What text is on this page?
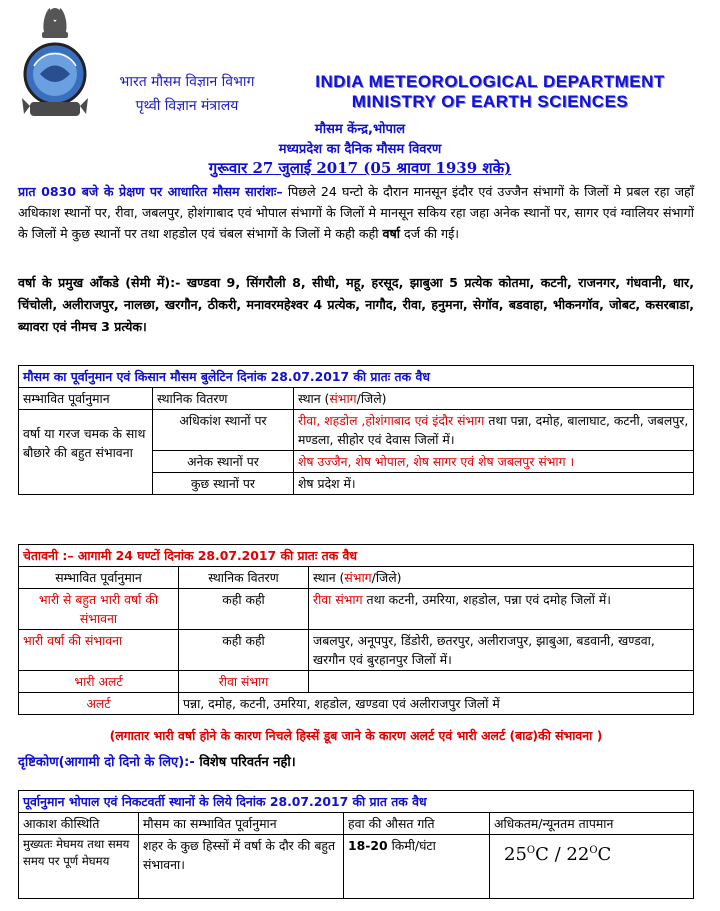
भारत मौसम विज्ञान विभाग
पृथ्वी विज्ञान मंत्रालय
INDIA METEOROLOGICAL DEPARTMENT
MINISTRY OF EARTH SCIENCES
मौसम केंन्द्र,भोपाल
मध्यप्रदेश का दैनिक मौसम विवरण
गुरूवार 27 जुलाई 2017 (05 श्रावण 1939 शके)
प्रात 0830 बजे के प्रेक्षण पर आधारित मौसम सारांशः– पिछले 24 घन्टो के दौरान मानसून इंदौर एवं उज्जैन संभागों के जिलों मे प्रबल रहा जहॉं अधिकाश स्थानों पर, रीवा, जबलपुर, होशंगाबाद एवं भोपाल संभागों के जिलों मे मानसून सकिय रहा जहा अनेक स्थानों पर, सागर एवं ग्वालियर संभागों के जिलों मे कुछ स्थानों पर तथा शहडोल एवं चंबल संभागों के जिलों मे कही कही वर्षा दर्ज की गई।
वर्षा के प्रमुख ऑंकडे (सेमी में):- खण्डवा 9, सिंगरौली 8, सीधी, महू, हरसूद, झाबुआ 5 प्रत्येक कोतमा, कटनी, राजनगर, गंधवानी, धार, चिंचोली, अलीराजपुर, नालछा, खरगौन, ठीकरी, मनावरमहेश्वर 4 प्रत्येक, नागौद, रीवा, हनुमना, सेगॉव, बडवाहा, भीकनगॉव, जोबट, कसरबाडा, ब्यावरा एवं नीमच 3 प्रत्येक।
मौसम का पूर्वानुमान एवं किसान मौसम बुलेटिन दिनांक 28.07.2017 की प्रातः तक वैध		
सम्भावित पूर्वानुमान	स्थानिक वितरण	स्थान (संभाग/जिले)
वर्षा या गरज चमक के साथ बौछारे की बहुत संभावना	अधिकांश स्थानों पर	रीवा, शहडोल ,होशंगाबाद एवं इंदौर संभाग तथा पन्ना, दमोह, बालाघाट, कटनी, जबलपुर, मण्डला, सीहोर एवं देवास जिलों में।
	अनेक स्थानों पर	शेष उज्जैन, शेष भोपाल, शेष सागर एवं शेष जबलपुर संभाग ।
	कुछ स्थानों पर	शेष प्रदेश में।
चेतावनी :– आगामी 24 घण्टों दिनांक 28.07.2017 की प्रातः तक वैध		
सम्भावित पूर्वानुमान	स्थानिक वितरण	स्थान (संभाग/जिले)
भारी से बहुत भारी वर्षा की संभावना	कही कही	रीवा संभाग तथा कटनी, उमरिया, शहडोल, पन्ना एवं दमोह जिलों में।
भारी वर्षा की संभावना	कही कही	जबलपुर, अनूपपुर, डिंडोरी, छतरपुर, अलीराजपुर, झाबुआ, बडवानी, खण्डवा, खरगौन एवं बुरहानपुर जिलों में।
भारी अलर्ट	रीवा संभाग	
अलर्ट	पन्ना, दमोह, कटनी, उमरिया, शहडोल, खण्डवा एवं अलीराजपुर जिलों में	
(लगातार भारी वर्षा होने के कारण निचले हिस्सें डूब जाने के कारण अलर्ट एवं भारी अलर्ट (बाढ)की संभावना )
दृष्टिकोण(आगामी दो दिनो के लिए):- विशेष परिवर्तन नही।
पूर्वानुमान भोपाल एवं निकटवर्ती स्थानों के लिये दिनांक 28.07.2017 की प्रात तक वैध			
आकाश कीस्थिति	मौसम का सम्भावित पूर्वानुमान	हवा की औसत गति	अधिकतम/न्यूनतम तापमान
मुख्यतः मेघमय तथा समय समय पर पूर्ण मेघमय	शहर के कुछ हिस्सों में वर्षा के दौर की बहुत संभावना।	18-20 किमी/घंटा	$25^OC / 22^OC$
